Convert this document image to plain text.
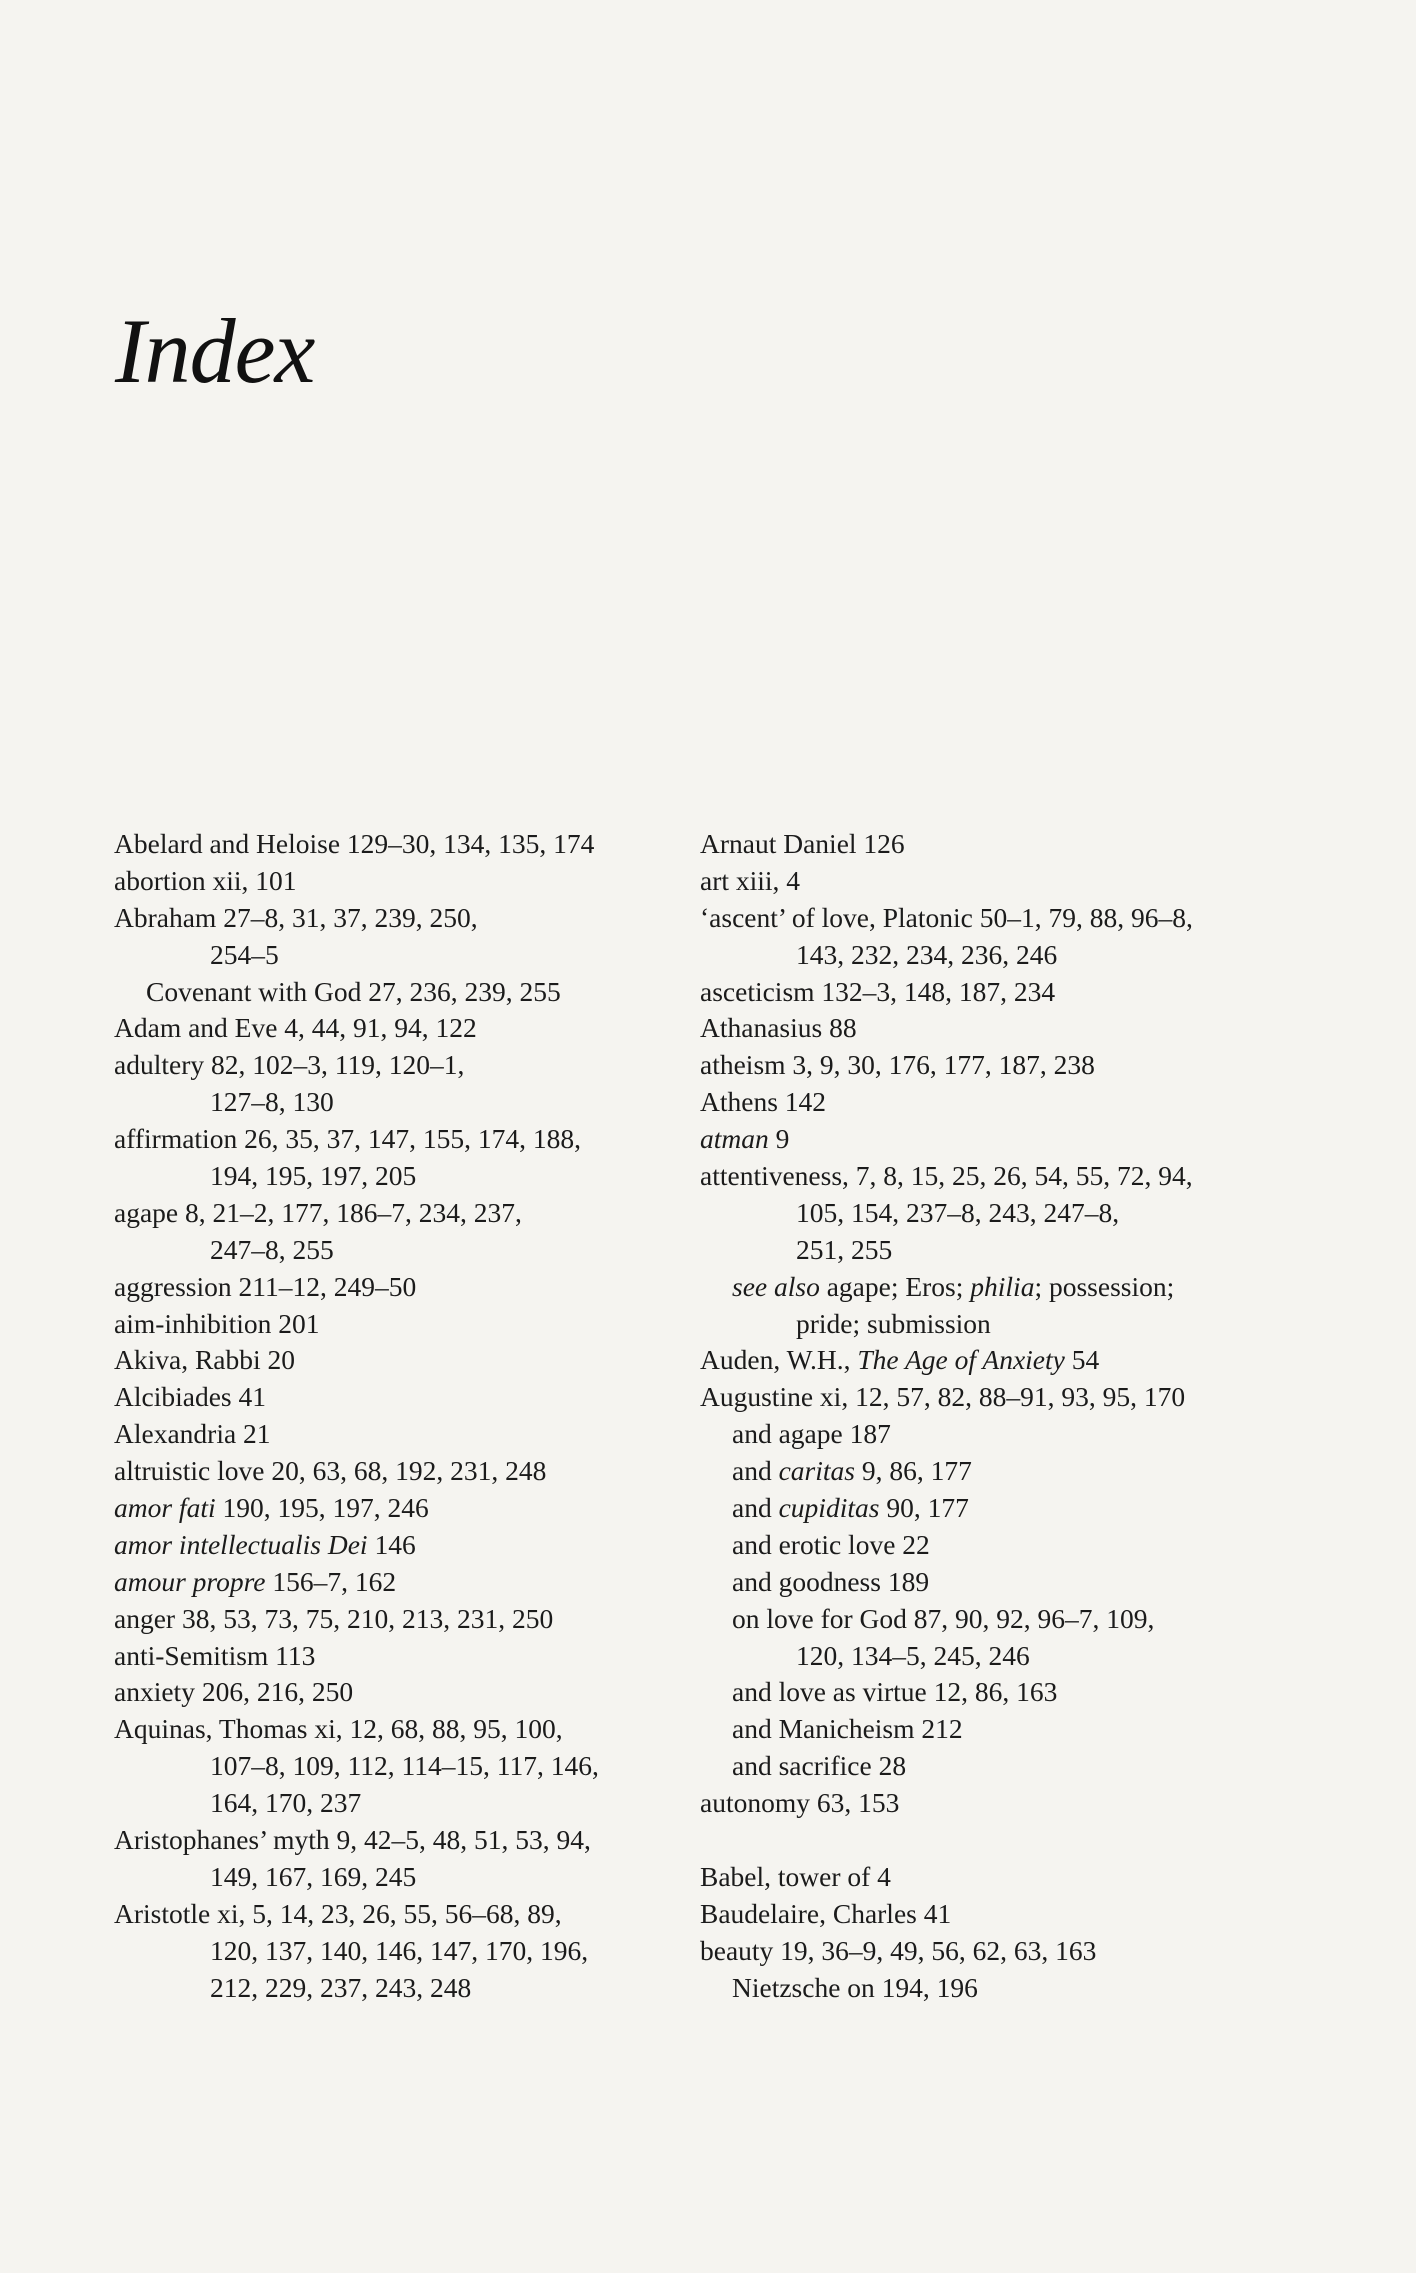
Index
Abelard and Heloise 129–30, 134, 135, 174
abortion xii, 101
Abraham 27–8, 31, 37, 239, 250,
254–5
Covenant with God 27, 236, 239, 255
Adam and Eve 4, 44, 91, 94, 122
adultery 82, 102–3, 119, 120–1,
127–8, 130
affirmation 26, 35, 37, 147, 155, 174, 188,
194, 195, 197, 205
agape 8, 21–2, 177, 186–7, 234, 237,
247–8, 255
aggression 211–12, 249–50
aim-inhibition 201
Akiva, Rabbi 20
Alcibiades 41
Alexandria 21
altruistic love 20, 63, 68, 192, 231, 248
amor fati 190, 195, 197, 246
amor intellectualis Dei 146
amour propre 156–7, 162
anger 38, 53, 73, 75, 210, 213, 231, 250
anti-Semitism 113
anxiety 206, 216, 250
Aquinas, Thomas xi, 12, 68, 88, 95, 100,
107–8, 109, 112, 114–15, 117, 146,
164, 170, 237
Aristophanes’ myth 9, 42–5, 48, 51, 53, 94,
149, 167, 169, 245
Aristotle xi, 5, 14, 23, 26, 55, 56–68, 89,
120, 137, 140, 146, 147, 170, 196,
212, 229, 237, 243, 248
Arnaut Daniel 126
art xiii, 4
‘ascent’ of love, Platonic 50–1, 79, 88, 96–8,
143, 232, 234, 236, 246
asceticism 132–3, 148, 187, 234
Athanasius 88
atheism 3, 9, 30, 176, 177, 187, 238
Athens 142
atman 9
attentiveness, 7, 8, 15, 25, 26, 54, 55, 72, 94,
105, 154, 237–8, 243, 247–8,
251, 255
see also agape; Eros; philia; possession;
pride; submission
Auden, W.H., The Age of Anxiety 54
Augustine xi, 12, 57, 82, 88–91, 93, 95, 170
and agape 187
and caritas 9, 86, 177
and cupiditas 90, 177
and erotic love 22
and goodness 189
on love for God 87, 90, 92, 96–7, 109,
120, 134–5, 245, 246
and love as virtue 12, 86, 163
and Manicheism 212
and sacrifice 28
autonomy 63, 153
Babel, tower of 4
Baudelaire, Charles 41
beauty 19, 36–9, 49, 56, 62, 63, 163
Nietzsche on 194, 196
